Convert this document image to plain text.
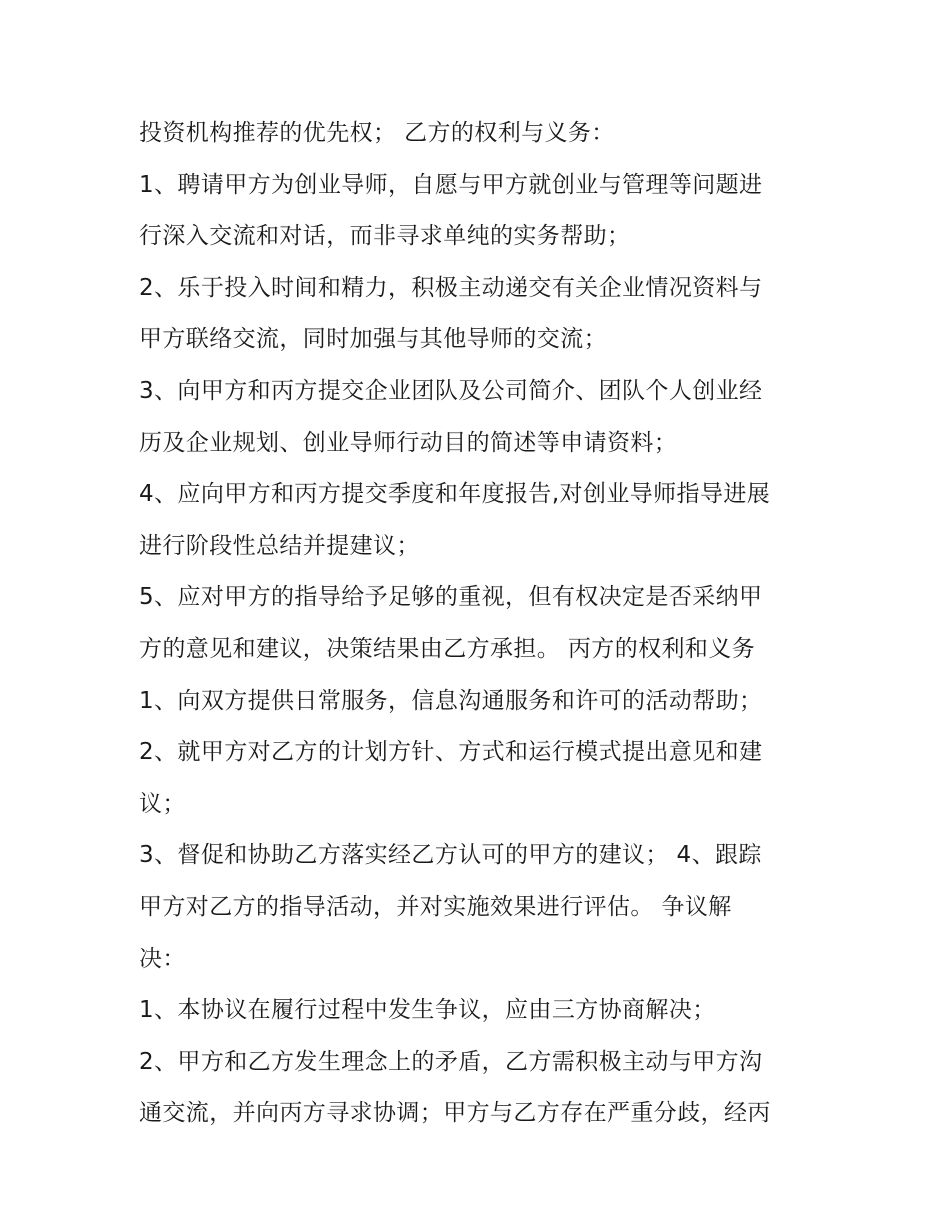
投资机构推荐的优先权； 乙方的权利与义务：
1、聘请甲方为创业导师，自愿与甲方就创业与管理等问题进
行深入交流和对话，而非寻求单纯的实务帮助；
2、乐于投入时间和精力，积极主动递交有关企业情况资料与
甲方联络交流，同时加强与其他导师的交流；
3、向甲方和丙方提交企业团队及公司简介、团队个人创业经
历及企业规划、创业导师行动目的简述等申请资料；
4、应向甲方和丙方提交季度和年度报告,对创业导师指导进展
进行阶段性总结并提建议；
5、应对甲方的指导给予足够的重视，但有权决定是否采纳甲
方的意见和建议，决策结果由乙方承担。 丙方的权利和义务
1、向双方提供日常服务，信息沟通服务和许可的活动帮助；
2、就甲方对乙方的计划方针、方式和运行模式提出意见和建
议；
3、督促和协助乙方落实经乙方认可的甲方的建议； 4、跟踪
甲方对乙方的指导活动，并对实施效果进行评估。 争议解
决：
1、本协议在履行过程中发生争议，应由三方协商解决；
2、甲方和乙方发生理念上的矛盾，乙方需积极主动与甲方沟
通交流，并向丙方寻求协调；甲方与乙方存在严重分歧，经丙
